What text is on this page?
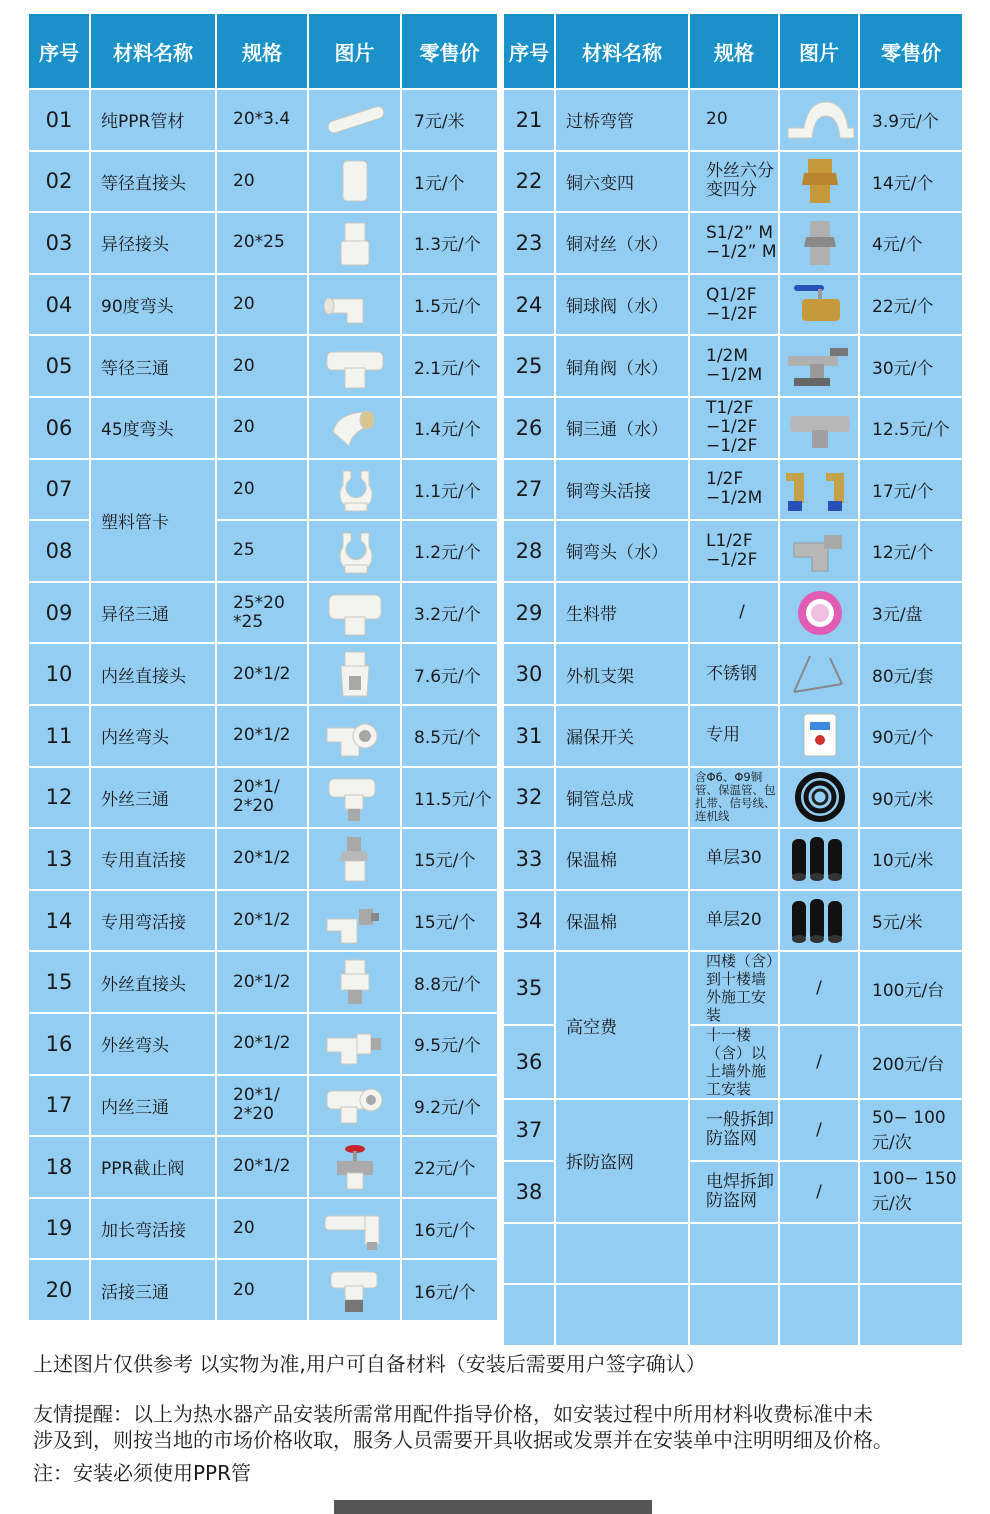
序号	材料名称	规格	图片	零售价
01	纯PPR管材	20*3.4		7元/米
02	等径直接头	20		1元/个
03	异径接头	20*25		1.3元/个
04	90度弯头	20		1.5元/个
05	等径三通	20		2.1元/个
06	45度弯头	20		1.4元/个
07	塑料管卡	20		1.1元/个
08		25		1.2元/个
09	异径三通	25*20 *25		3.2元/个
10	内丝直接头	20*1/2		7.6元/个
11	内丝弯头	20*1/2		8.5元/个
12	外丝三通	20*1/ 2*20		11.5元/个
13	专用直活接	20*1/2		15元/个
14	专用弯活接	20*1/2		15元/个
15	外丝直接头	20*1/2		8.8元/个
16	外丝弯头	20*1/2		9.5元/个
17	内丝三通	20*1/ 2*20		9.2元/个
18	PPR截止阀	20*1/2		22元/个
19	加长弯活接	20		16元/个
20	活接三通	20		16元/个
序号	材料名称	规格	图片	零售价
21	过桥弯管	20		3.9元/个
22	铜六变四	外丝六分 变四分		14元/个
23	铜对丝（水）	S1/2” M −1/2” M		4元/个
24	铜球阀（水）	Q1/2F −1/2F		22元/个
25	铜角阀（水）	1/2M −1/2M		30元/个
26	铜三通（水）	T1/2F −1/2F −1/2F		12.5元/个
27	铜弯头活接	1/2F −1/2M		17元/个
28	铜弯头（水）	L1/2F −1/2F		12元/个
29	生料带	/		3元/盘
30	外机支架	不锈钢		80元/套
31	漏保开关	专用		90元/个
32	铜管总成	含Φ6、Φ9铜管、保温管、包扎带、信号线、连机线		90元/米
33	保温棉	单层30		10元/米
34	保温棉	单层20		5元/米
35	高空费	四楼（含）到十楼墙外施工安装	/	100元/台
36		十一楼（含）以上墙外施工安装	/	200元/台
37	拆防盗网	一般拆卸 防盗网	/	50− 100元/次
38		电焊拆卸 防盗网	/	100− 150元/次

上述图片仅供参考 以实物为准,用户可自备材料（安装后需要用户签字确认）
友情提醒：以上为热水器产品安装所需常用配件指导价格，如安装过程中所用材料收费标准中未
涉及到，则按当地的市场价格收取，服务人员需要开具收据或发票并在安装单中注明明细及价格。
注：安装必须使用PPR管
